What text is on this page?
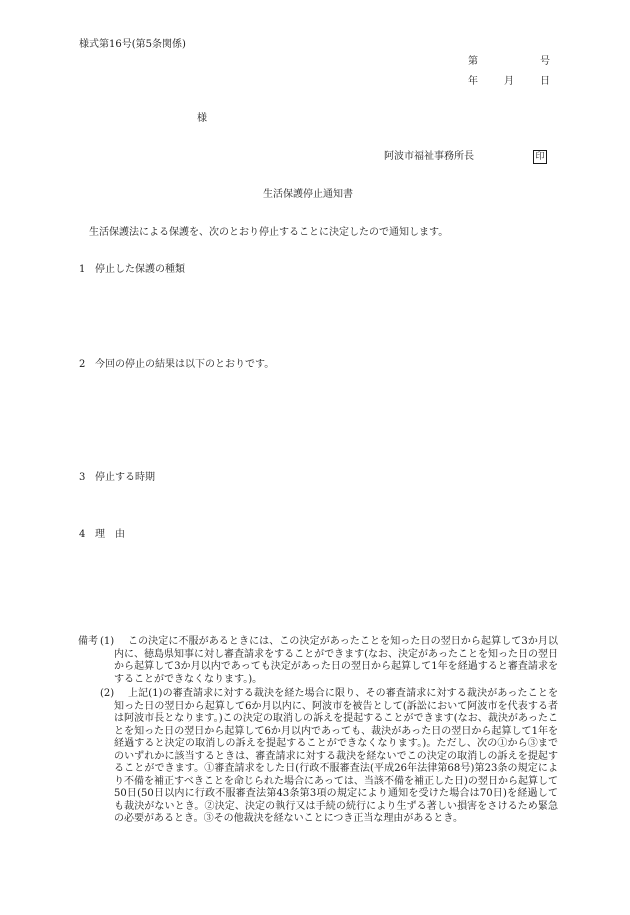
様式第16号(第5条関係)
第	号
年	月	日
様
阿波市福祉事務所長	印
生活保護停止通知書
生活保護法による保護を、次のとおり停止することに決定したので通知します。
1 停止した保護の種類
2 今回の停止の結果は以下のとおりです。
3 停止する時期
4 理　由
備考 (1)	この決定に不服があるときには、この決定があったことを知った日の翌日から起算して3か月以内に、徳島県知事に対し審査請求をすることができます(なお、決定があったことを知った日の翌日から起算して3か月以内であっても決定があった日の翌日から起算して1年を経過すると審査請求をすることができなくなります。)。
(2)	上記(1)の審査請求に対する裁決を経た場合に限り、その審査請求に対する裁決があったことを知った日の翌日から起算して6か月以内に、阿波市を被告として(訴訟において阿波市を代表する者は阿波市長となります。)この決定の取消しの訴えを提起することができます(なお、裁決があったことを知った日の翌日から起算して6か月以内であっても、裁決があった日の翌日から起算して1年を経過すると決定の取消しの訴えを提起することができなくなります。)。ただし、次の①から③までのいずれかに該当するときは、審査請求に対する裁決を経ないでこの決定の取消しの訴えを提起することができます。①審査請求をした日(行政不服審査法(平成26年法律第68号)第23条の規定により不備を補正すべきことを命じられた場合にあっては、当該不備を補正した日)の翌日から起算して50日(50日以内に行政不服審査法第43条第3項の規定により通知を受けた場合は70日)を経過しても裁決がないとき。②決定、決定の執行又は手続の続行により生ずる著しい損害をさけるため緊急の必要があるとき。③その他裁決を経ないことにつき正当な理由があるとき。
